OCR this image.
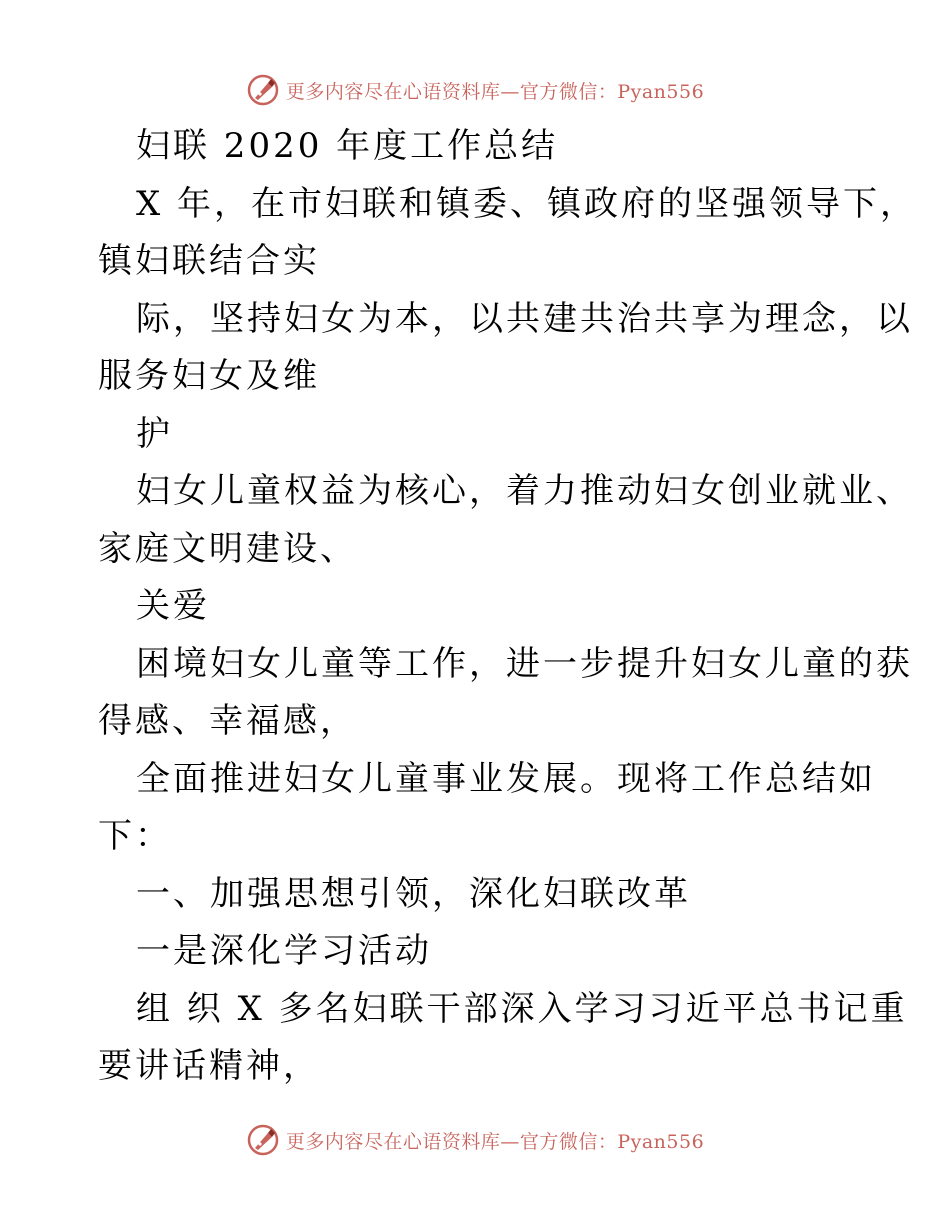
更多内容尽在心语资料库—官方微信：Pyan556
妇联 2020 年度工作总结
X 年，在市妇联和镇委、镇政府的坚强领导下，
镇妇联结合实
际，坚持妇女为本，以共建共治共享为理念，以
服务妇女及维
护
妇女儿童权益为核心，着力推动妇女创业就业、
家庭文明建设、
关爱
困境妇女儿童等工作，进一步提升妇女儿童的获
得感、幸福感，
全面推进妇女儿童事业发展。现将工作总结如
下：
一、加强思想引领，深化妇联改革
一是深化学习活动
组 织 X 多名妇联干部深入学习习近平总书记重
要讲话精神，
更多内容尽在心语资料库—官方微信：Pyan556
